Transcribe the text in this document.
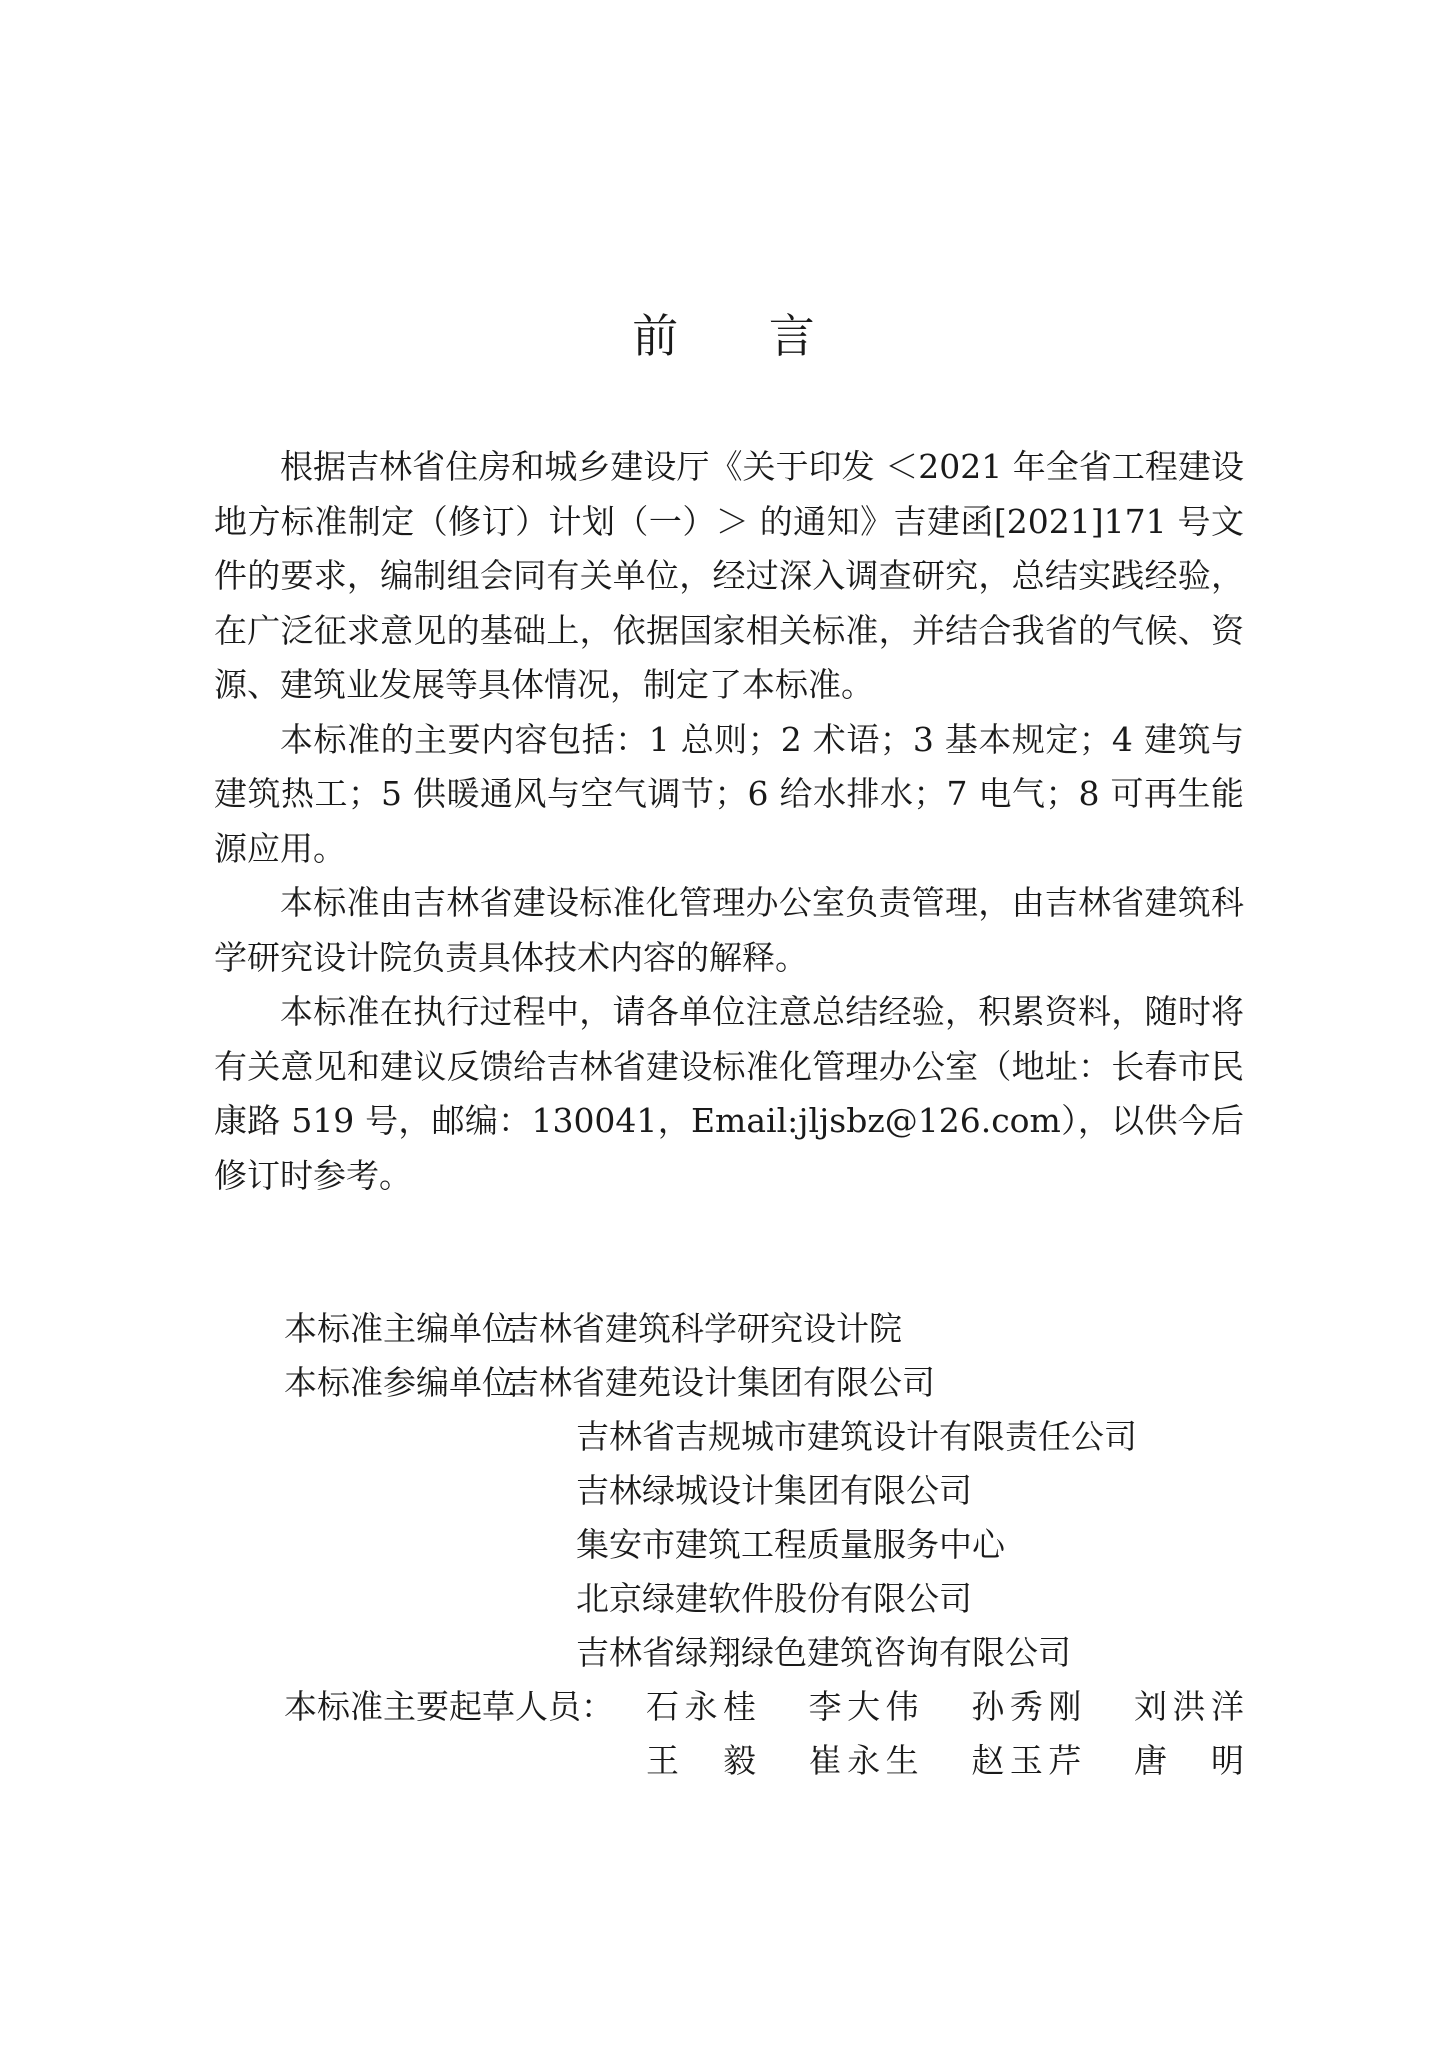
前 言

根据吉林省住房和城乡建设厅《关于印发 ＜2021 年全省工程建设地方标准制定（修订）计划（一）＞ 的通知》吉建函[2021]171 号文件的要求，编制组会同有关单位，经过深入调查研究，总结实践经验，在广泛征求意见的基础上，依据国家相关标准，并结合我省的气候、资源、建筑业发展等具体情况，制定了本标准。

本标准的主要内容包括：1 总则；2 术语；3 基本规定；4 建筑与建筑热工；5 供暖通风与空气调节；6 给水排水；7 电气；8 可再生能源应用。

本标准由吉林省建设标准化管理办公室负责管理，由吉林省建筑科学研究设计院负责具体技术内容的解释。

本标准在执行过程中，请各单位注意总结经验，积累资料，随时将有关意见和建议反馈给吉林省建设标准化管理办公室（地址：长春市民康路 519 号，邮编：130041，Email:jljsbz@126.com），以供今后修订时参考。

本标准主编单位：
吉林省建筑科学研究设计院
本标准参编单位：
吉林省建苑设计集团有限公司
吉林省吉规城市建筑设计有限责任公司
吉林绿城设计集团有限公司
集安市建筑工程质量服务中心
北京绿建软件股份有限公司
吉林省绿翔绿色建筑咨询有限公司
本标准主要起草人员： 石永桂 李大伟 孙秀刚 刘洪洋
王毅 崔永生 赵玉芹 唐明
